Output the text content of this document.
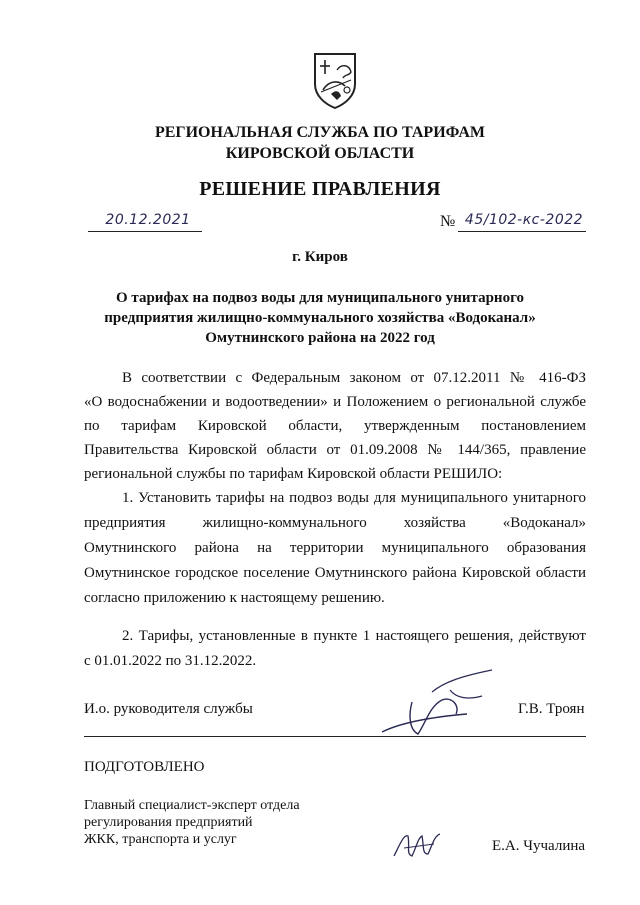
РЕГИОНАЛЬНАЯ СЛУЖБА ПО ТАРИФАМ
КИРОВСКОЙ ОБЛАСТИ
РЕШЕНИЕ ПРАВЛЕНИЯ
20.12.2021	№ 45/102-кс-2022
г. Киров
О тарифах на подвоз воды для муниципального унитарного
предприятия жилищно-коммунального хозяйства «Водоканал»
Омутнинского района на 2022 год
В соответствии с Федеральным законом от 07.12.2011 № 416-ФЗ
«О водоснабжении и водоотведении» и Положением о региональной службе
по тарифам Кировской области, утвержденным постановлением
Правительства Кировской области от 01.09.2008 № 144/365, правление
региональной службы по тарифам Кировской области РЕШИЛО:
1. Установить тарифы на подвоз воды для муниципального унитарного
предприятия жилищно-коммунального хозяйства «Водоканал»
Омутнинского района на территории муниципального образования
Омутнинское городское поселение Омутнинского района Кировской области
согласно приложению к настоящему решению.
2. Тарифы, установленные в пункте 1 настоящего решения, действуют
с 01.01.2022 по 31.12.2022.
И.о. руководителя службы	Г.В. Троян
ПОДГОТОВЛЕНО
Главный специалист-эксперт отдела
регулирования предприятий
ЖКК, транспорта и услуг	Е.А. Чучалина
